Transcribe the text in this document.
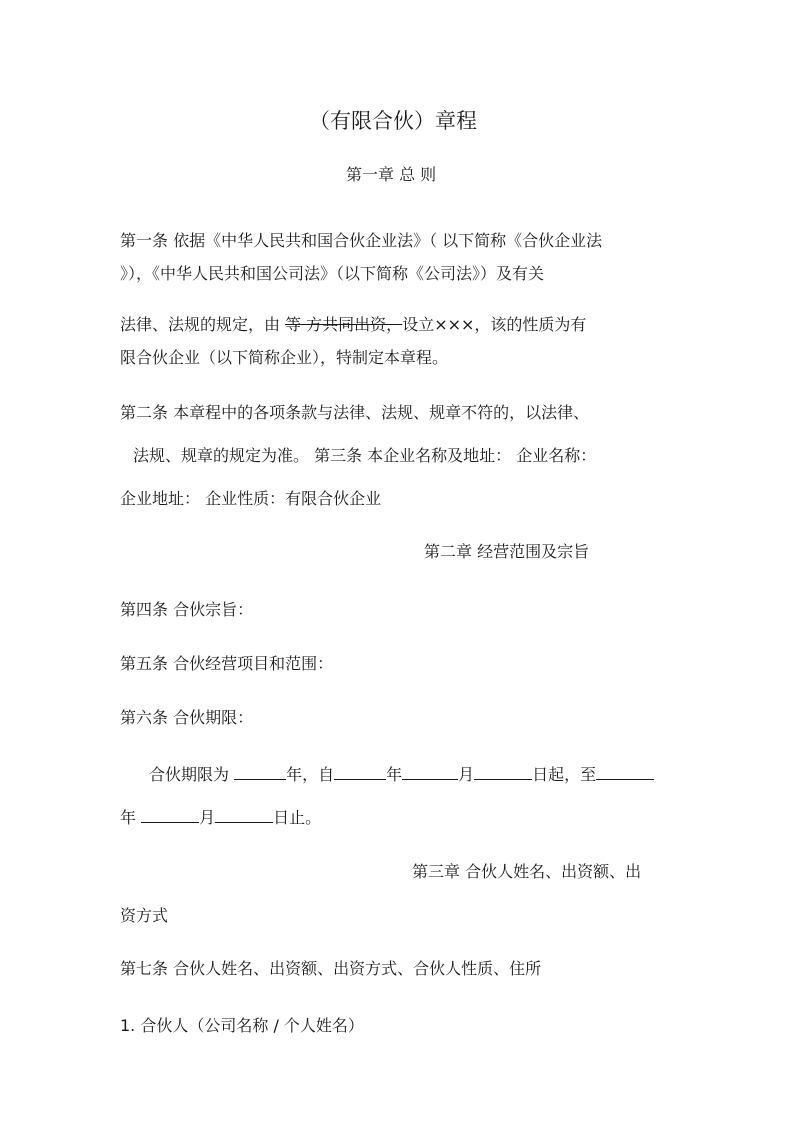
（有限合伙）章程
第一章 总 则
第一条 依据《中华人民共和国合伙企业法》（ 以下简称《合伙企业法
》），《中华人民共和国公司法》（以下简称《公司法》）及有关
法律、法规的规定，由 等 方共同出资，设立×××，该的性质为有
限合伙企业（以下简称企业），特制定本章程。
第二条 本章程中的各项条款与法律、法规、规章不符的，以法律、
法规、规章的规定为准。 第三条 本企业名称及地址： 企业名称：
企业地址： 企业性质：有限合伙企业
第二章 经营范围及宗旨
第四条 合伙宗旨：
第五条 合伙经营项目和范围：
第六条 合伙期限：
合伙期限为	年，自	年	月	日起，至
年	月	日止。
第三章 合伙人姓名、出资额、出
资方式
第七条 合伙人姓名、出资额、出资方式、合伙人性质、住所
1. 合伙人（公司名称 / 个人姓名）
